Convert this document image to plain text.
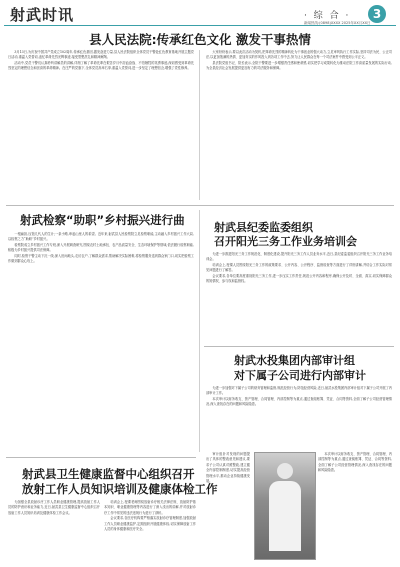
射武时讯	· 综 合 ·	3
新闻热线:(0898)XXXX 2025年XX月XX日
县人民法院:传承红色文化 激发干事热情

3月13日,为庆祝中国共产党成立102周年,传承红色基因,激发奋进力量,县人民法院组织全体党员干警赴红色教育基地开展主题党日活动,重温入党誓词,追忆革命先烈光辉事迹,接受思想洗礼和精神熏陶。

活动中,党员干警们认真聆听讲解员的讲解,详细了解了革命先辈在艰苦岁月中浴血奋战、不怕牺牲的英勇事迹,深切感受到革命先烈坚定的理想信念和崇高的革命精神。在庄严的党旗下,全体党员高举右拳,重温入党誓词,进一步坚定了理想信念,增强了党性修养。

大家纷纷表示,要以此次活动为契机,把革命先烈的精神转化为干事创业的强大动力,立足审判执行工作实际,坚持司法为民、公正司法,以更加饱满的热情、更加务实的作风投入到各项工作中去,努力让人民群众在每一个司法案件中感受到公平正义。

县法院党组书记、院长表示,全院干警要进一步增强责任感和使命感,切实把学习成果转化为推动法院工作高质量发展的实际行动,为全县经济社会发展提供更加有力的司法服务和保障。

射武检察“助职”乡村振兴进行曲

一根扁担,压饱几代人的生计;一条小路,串起山里人的希望。近年来,射武县人民检察院立足检察职能,主动融入乡村振兴工作大局,以检察之力“助职”乡村振兴。

检察院成立乡村振兴工作专班,深入开展调查研究,围绕农村土地承包、农产品质量安全、生态环境保护等领域,依法履行检察职能,积极为乡村振兴提供司法保障。

同时,检察干警主动下沉一线,深入田间地头,走访农户,了解群众需求,帮助解决实际困难,将检察服务送到群众家门口,切实把检察工作做到群众心坎上。

射武县纪委监委组织
召开阳光三务工作业务培训会

为进一步推进阳光三务工作规范化、制度化建设,提升阳光三务工作人员业务水平,近日,县纪委监委组织召开阳光三务工作业务培训会。

培训会上,授课人员围绕阳光三务工作的政策要求、公开内容、公开程序、监督检查等方面进行了详细讲解,并结合工作实际对常见问题进行了解答。

会议要求,各单位要高度重视阳光三务工作,进一步压实工作责任,规范公开内容和程序,确保公开及时、全面、真实,切实保障群众的知情权、参与权和监督权。

射武水投集团内部审计组
对下属子公司进行内部审计

为进一步加强对下属子公司的财务管理和监督,规范经营行为,防范经营风险,近日,射武水投集团内部审计组对下属子公司开展了内部审计工作。

本次审计以财务收支、资产管理、合同管理、内部控制等为重点,通过查阅账簿、凭证、合同等资料,全面了解子公司经营管理情况,深入查找存在的问题和风险隐患。

审计组针对发现的问题提出了具体的整改意见和建议,要求子公司认真对照整改,建立健全内部控制制度,切实提高经营管理水平,推动企业持续健康发展。

本次审计以财务收支、资产管理、合同管理、内部控制等为重点,通过查阅账簿、凭证、合同等资料,全面了解子公司经营管理情况,深入查找存在的问题和风险隐患。

射武县卫生健康监督中心组织召开
放射工作人员知识培训及健康体检工作

为加强全县放射诊疗工作人员职业健康管理,提高放射工作人员的防护意识和业务能力,近日,射武县卫生健康监督中心组织召开放射工作人员知识培训及健康体检工作会议。

培训会上,授课老师围绕放射诊疗相关法律法规、放射防护基本知识、职业健康管理等内容进行了深入浅出的讲解,并对放射诊疗工作中常见的违法违规行为进行了剖析。

会议要求,各医疗机构要严格落实放射诊疗管理制度,加强放射工作人员职业健康监护,定期组织开展健康体检,切实保障放射工作人员的身体健康和医疗安全。
